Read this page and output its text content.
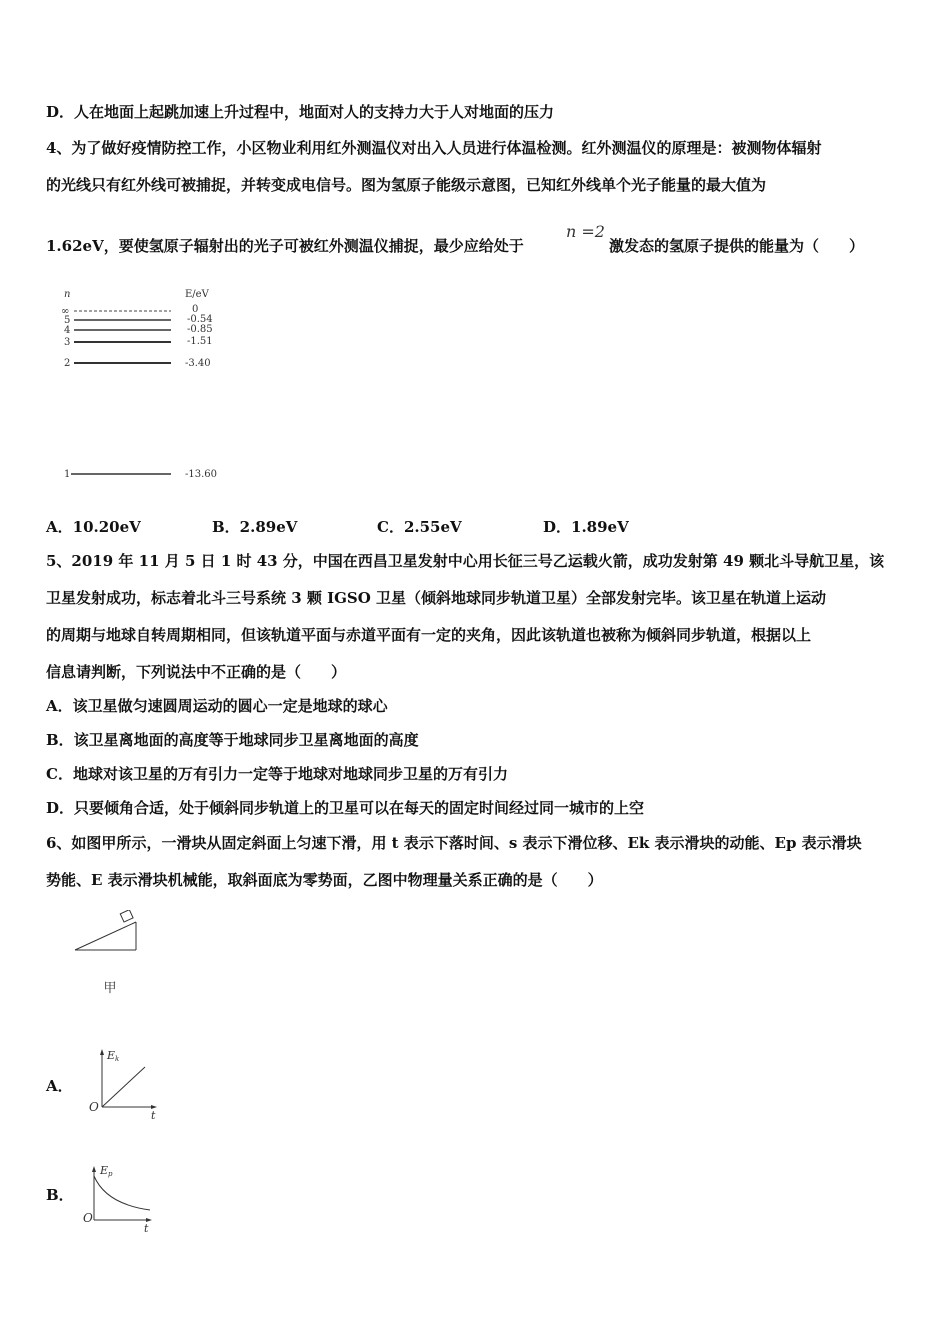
D．人在地面上起跳加速上升过程中，地面对人的支持力大于人对地面的压力
4、为了做好疫情防控工作，小区物业利用红外测温仪对出入人员进行体温检测。红外测温仪的原理是：被测物体辐射
的光线只有红外线可被捕捉，并转变成电信号。图为氢原子能级示意图，已知红外线单个光子能量的最大值为
1.62eV，要使氢原子辐射出的光子可被红外测温仪捕捉，最少应给处于
n =2
激发态的氢原子提供的能量为（　　）
n	E/eV
∞	0
5	-0.54
4	-0.85
3	-1.51
2	-3.40
1	-13.60
A．10.20eV	B．2.89eV	C．2.55eV	D．1.89eV
5、2019 年 11 月 5 日 1 时 43 分，中国在西昌卫星发射中心用长征三号乙运载火箭，成功发射第 49 颗北斗导航卫星，该
卫星发射成功，标志着北斗三号系统 3 颗 IGSO 卫星（倾斜地球同步轨道卫星）全部发射完毕。该卫星在轨道上运动
的周期与地球自转周期相同，但该轨道平面与赤道平面有一定的夹角，因此该轨道也被称为倾斜同步轨道，根据以上
信息请判断，下列说法中不正确的是（　　）
A．该卫星做匀速圆周运动的圆心一定是地球的球心
B．该卫星离地面的高度等于地球同步卫星离地面的高度
C．地球对该卫星的万有引力一定等于地球对地球同步卫星的万有引力
D．只要倾角合适，处于倾斜同步轨道上的卫星可以在每天的固定时间经过同一城市的上空
6、如图甲所示，一滑块从固定斜面上匀速下滑，用 t 表示下落时间、s 表示下滑位移、Ek 表示滑块的动能、Ep 表示滑块
势能、E 表示滑块机械能，取斜面底为零势面，乙图中物理量关系正确的是（　　）
甲
A．
Ek
O
t
B．
Ep
O
t
